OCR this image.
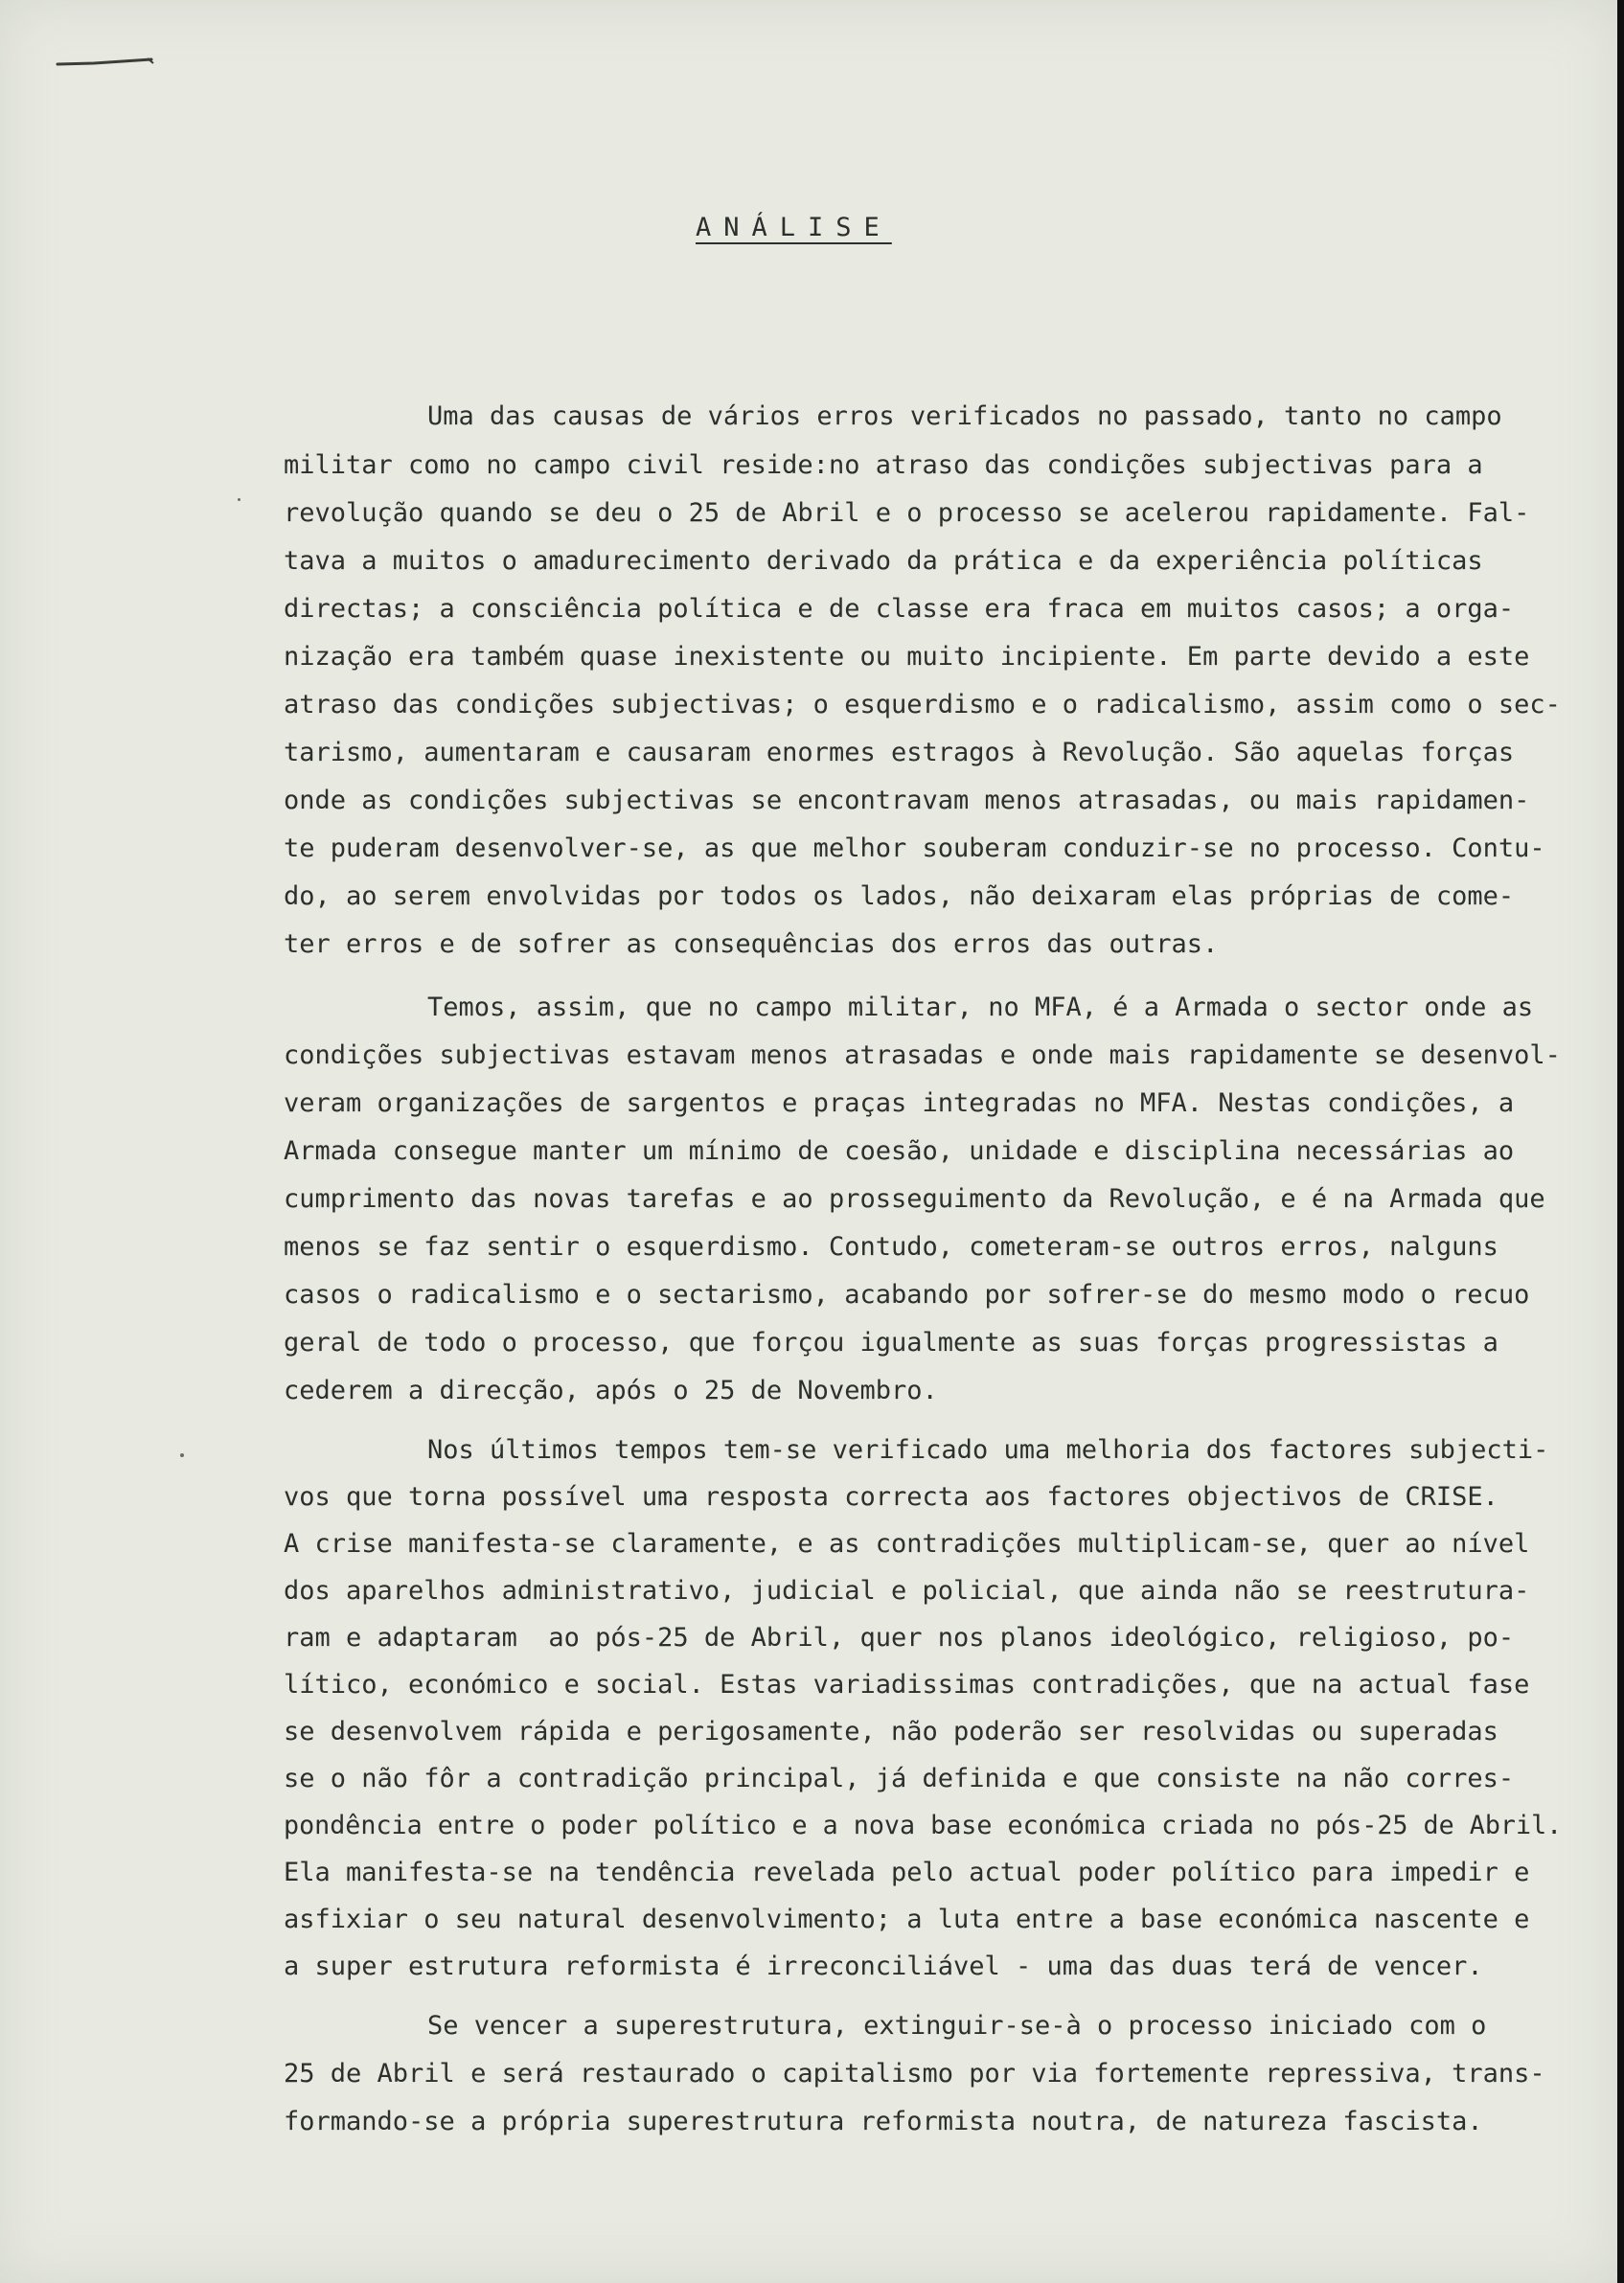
ANÁLISE

Uma das causas de vários erros verificados no passado, tanto no campo

militar como no campo civil reside:no atraso das condições subjectivas para a

revolução quando se deu o 25 de Abril e o processo se acelerou rapidamente. Fal-

tava a muitos o amadurecimento derivado da prática e da experiência políticas

directas; a consciência política e de classe era fraca em muitos casos; a orga-

nização era também quase inexistente ou muito incipiente. Em parte devido a este

atraso das condições subjectivas; o esquerdismo e o radicalismo, assim como o sec-

tarismo, aumentaram e causaram enormes estragos à Revolução. São aquelas forças

onde as condições subjectivas se encontravam menos atrasadas, ou mais rapidamen-

te puderam desenvolver-se, as que melhor souberam conduzir-se no processo. Contu-

do, ao serem envolvidas por todos os lados, não deixaram elas próprias de come-

ter erros e de sofrer as consequências dos erros das outras.

Temos, assim, que no campo militar, no MFA, é a Armada o sector onde as

condições subjectivas estavam menos atrasadas e onde mais rapidamente se desenvol-

veram organizações de sargentos e praças integradas no MFA. Nestas condições, a

Armada consegue manter um mínimo de coesão, unidade e disciplina necessárias ao

cumprimento das novas tarefas e ao prosseguimento da Revolução, e é na Armada que

menos se faz sentir o esquerdismo. Contudo, cometeram-se outros erros, nalguns

casos o radicalismo e o sectarismo, acabando por sofrer-se do mesmo modo o recuo

geral de todo o processo, que forçou igualmente as suas forças progressistas a

cederem a direcção, após o 25 de Novembro.

Nos últimos tempos tem-se verificado uma melhoria dos factores subjecti-

vos que torna possível uma resposta correcta aos factores objectivos de CRISE.

A crise manifesta-se claramente, e as contradições multiplicam-se, quer ao nível

dos aparelhos administrativo, judicial e policial, que ainda não se reestrutura-

ram e adaptaram  ao pós-25 de Abril, quer nos planos ideológico, religioso, po-

lítico, económico e social. Estas variadissimas contradições, que na actual fase

se desenvolvem rápida e perigosamente, não poderão ser resolvidas ou superadas

se o não fôr a contradição principal, já definida e que consiste na não corres-

pondência entre o poder político e a nova base económica criada no pós-25 de Abril.

Ela manifesta-se na tendência revelada pelo actual poder político para impedir e

asfixiar o seu natural desenvolvimento; a luta entre a base económica nascente e

a super estrutura reformista é irreconciliável - uma das duas terá de vencer.

Se vencer a superestrutura, extinguir-se-à o processo iniciado com o

25 de Abril e será restaurado o capitalismo por via fortemente repressiva, trans-

formando-se a própria superestrutura reformista noutra, de natureza fascista.
